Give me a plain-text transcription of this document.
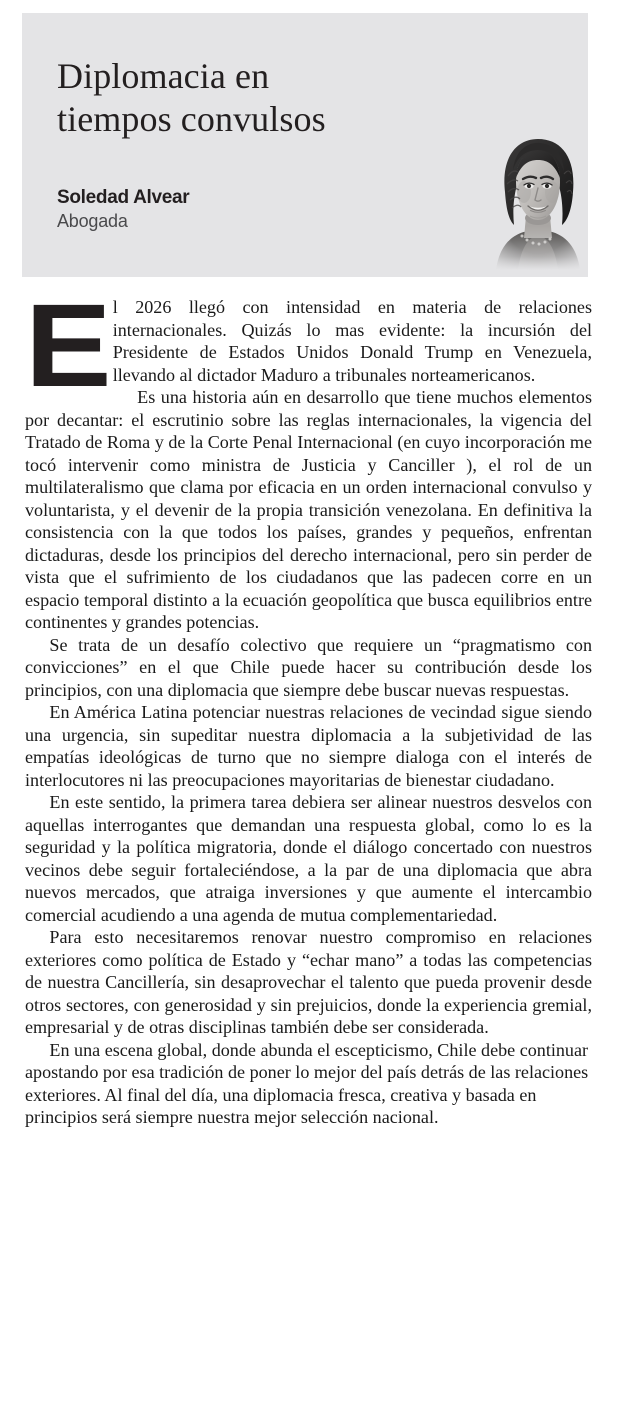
Diplomacia en
tiempos convulsos
Soledad Alvear
Abogada

El 2026 llegó con intensidad en materia de relaciones internacionales. Quizás lo mas evidente: la incursión del Presidente de Estados Unidos Donald Trump en Venezuela, llevando al dictador Maduro a tribunales norteamericanos.

Es una historia aún en desarrollo que tiene muchos elementos por decantar: el escrutinio sobre las reglas internacionales, la vigencia del Tratado de Roma y de la Corte Penal Internacional (en cuyo incorporación me tocó intervenir como ministra de Justicia y Canciller ), el rol de un multilateralismo que clama por eficacia en un orden internacional convulso y voluntarista, y el devenir de la propia transición venezolana. En definitiva la consistencia con la que todos los países, grandes y pequeños, enfrentan dictaduras, desde los principios del derecho internacional, pero sin perder de vista que el sufrimiento de los ciudadanos que las padecen corre en un espacio temporal distinto a la ecuación geopolítica que busca equilibrios entre continentes y grandes potencias.

Se trata de un desafío colectivo que requiere un “pragmatismo con convicciones” en el que Chile puede hacer su contribución desde los principios, con una diplomacia que siempre debe buscar nuevas respuestas.

En América Latina potenciar nuestras relaciones de vecindad sigue siendo una urgencia, sin supeditar nuestra diplomacia a la subjetividad de las empatías ideológicas de turno que no siempre dialoga con el interés de interlocutores ni las preocupaciones mayoritarias de bienestar ciudadano.

En este sentido, la primera tarea debiera ser alinear nuestros desvelos con aquellas interrogantes que demandan una respuesta global, como lo es la seguridad y la política migratoria, donde el diálogo concertado con nuestros vecinos debe seguir fortaleciéndose, a la par de una diplomacia que abra nuevos mercados, que atraiga inversiones y que aumente el intercambio comercial acudiendo a una agenda de mutua complementariedad.

Para esto necesitaremos renovar nuestro compromiso en relaciones exteriores como política de Estado y “echar mano” a todas las competencias de nuestra Cancillería, sin desaprovechar el talento que pueda provenir desde otros sectores, con generosidad y sin prejuicios, donde la experiencia gremial, empresarial y de otras disciplinas también debe ser considerada.

En una escena global, donde abunda el escepticismo, Chile debe continuar apostando por esa tradición de poner lo mejor del país detrás de las relaciones exteriores. Al final del día, una diplomacia fresca, creativa y basada en principios será siempre nuestra mejor selección nacional.
